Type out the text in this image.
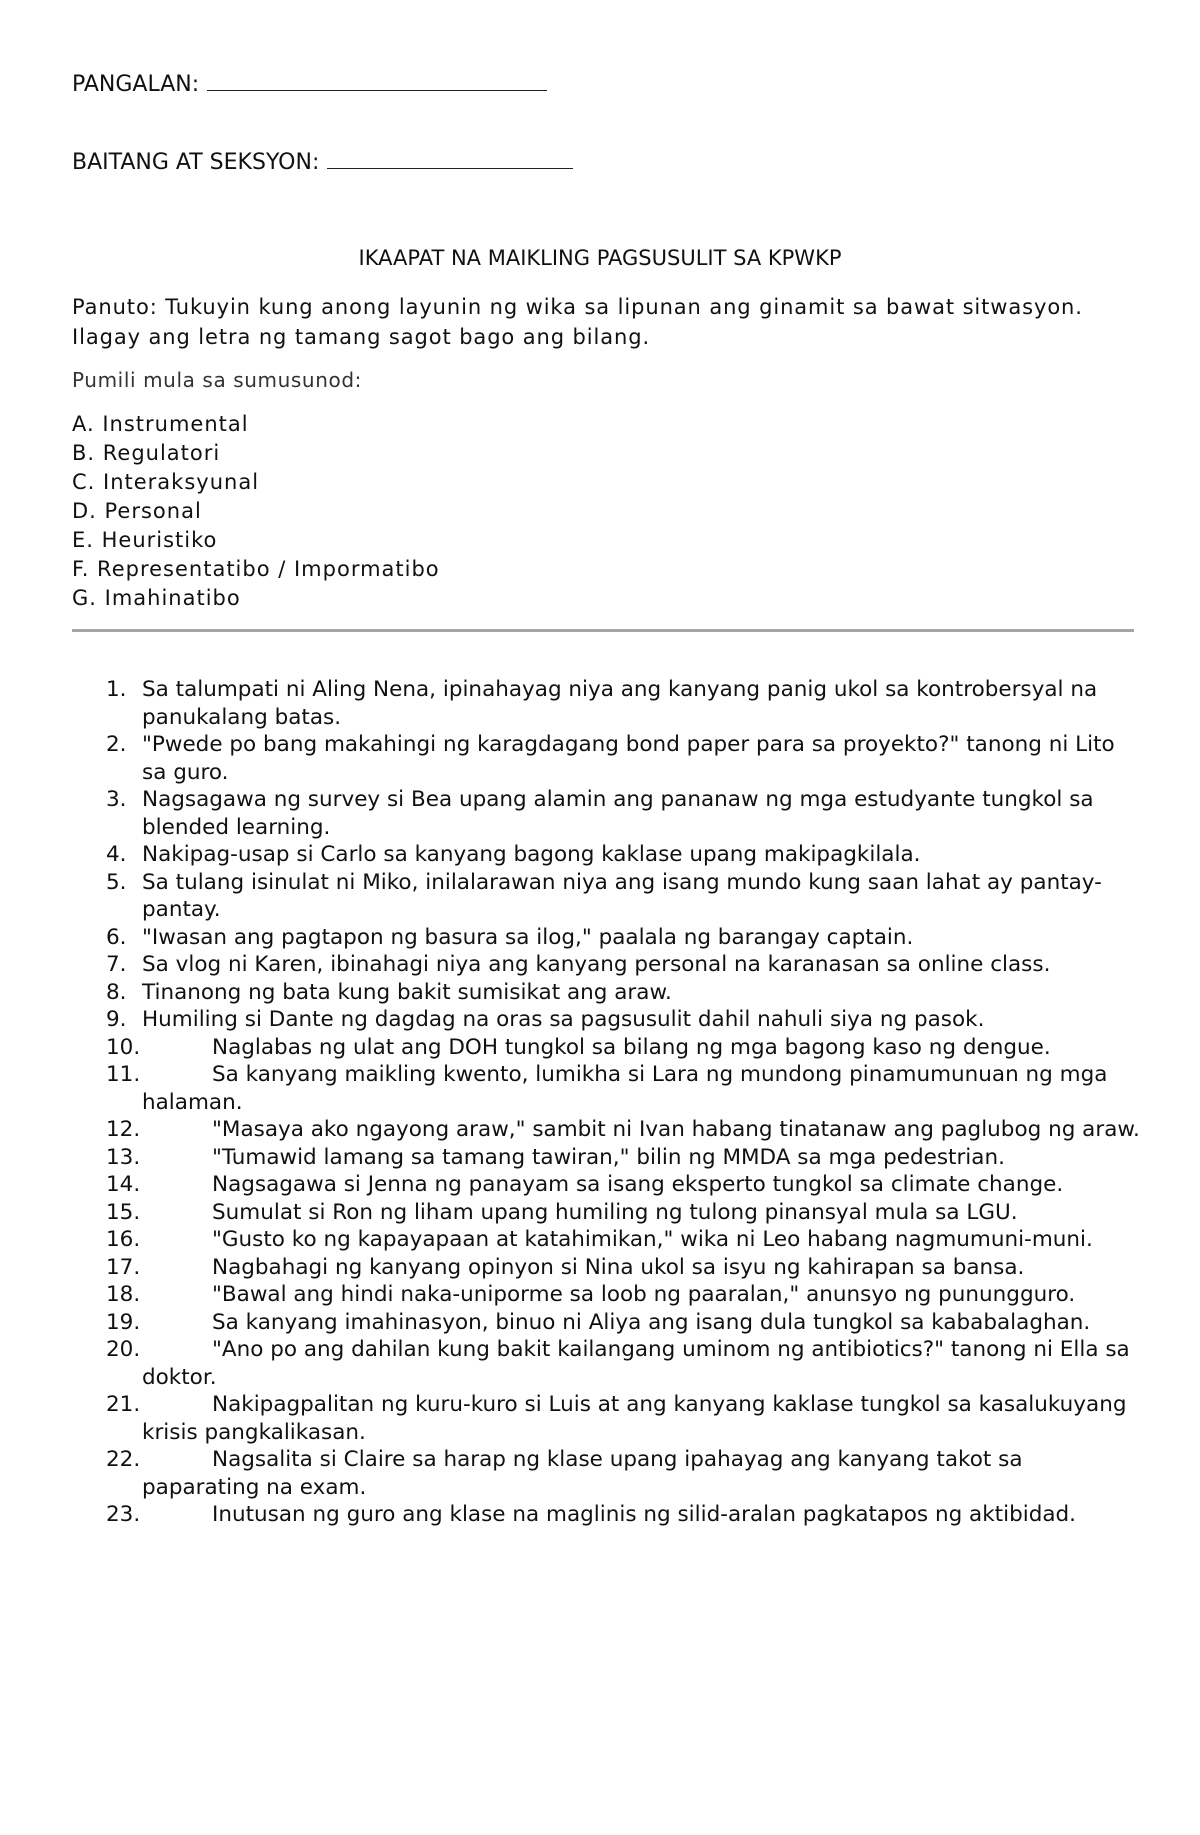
PANGALAN:
BAITANG AT SEKSYON:
IKAAPAT NA MAIKLING PAGSUSULIT SA KPWKP
Panuto: Tukuyin kung anong layunin ng wika sa lipunan ang ginamit sa bawat sitwasyon. Ilagay ang letra ng tamang sagot bago ang bilang.
Pumili mula sa sumusunod:
A. Instrumental
B. Regulatori
C. Interaksyunal
D. Personal
E. Heuristiko
F. Representatibo / Impormatibo
G. Imahinatibo
1. Sa talumpati ni Aling Nena, ipinahayag niya ang kanyang panig ukol sa kontrobersyal na panukalang batas.
2. "Pwede po bang makahingi ng karagdagang bond paper para sa proyekto?" tanong ni Lito sa guro.
3. Nagsagawa ng survey si Bea upang alamin ang pananaw ng mga estudyante tungkol sa blended learning.
4. Nakipag-usap si Carlo sa kanyang bagong kaklase upang makipagkilala.
5. Sa tulang isinulat ni Miko, inilalarawan niya ang isang mundo kung saan lahat ay pantay-pantay.
6. "Iwasan ang pagtapon ng basura sa ilog," paalala ng barangay captain.
7. Sa vlog ni Karen, ibinahagi niya ang kanyang personal na karanasan sa online class.
8. Tinanong ng bata kung bakit sumisikat ang araw.
9. Humiling si Dante ng dagdag na oras sa pagsusulit dahil nahuli siya ng pasok.
10.	Naglabas ng ulat ang DOH tungkol sa bilang ng mga bagong kaso ng dengue.
11.	Sa kanyang maikling kwento, lumikha si Lara ng mundong pinamumunuan ng mga halaman.
12.	"Masaya ako ngayong araw," sambit ni Ivan habang tinatanaw ang paglubog ng araw.
13.	"Tumawid lamang sa tamang tawiran," bilin ng MMDA sa mga pedestrian.
14.	Nagsagawa si Jenna ng panayam sa isang eksperto tungkol sa climate change.
15.	Sumulat si Ron ng liham upang humiling ng tulong pinansyal mula sa LGU.
16.	"Gusto ko ng kapayapaan at katahimikan," wika ni Leo habang nagmumuni-muni.
17.	Nagbahagi ng kanyang opinyon si Nina ukol sa isyu ng kahirapan sa bansa.
18.	"Bawal ang hindi naka-uniporme sa loob ng paaralan," anunsyo ng punungguro.
19.	Sa kanyang imahinasyon, binuo ni Aliya ang isang dula tungkol sa kababalaghan.
20.	"Ano po ang dahilan kung bakit kailangang uminom ng antibiotics?" tanong ni Ella sa doktor.
21.	Nakipagpalitan ng kuru-kuro si Luis at ang kanyang kaklase tungkol sa kasalukuyang krisis pangkalikasan.
22.	Nagsalita si Claire sa harap ng klase upang ipahayag ang kanyang takot sa paparating na exam.
23.	Inutusan ng guro ang klase na maglinis ng silid-aralan pagkatapos ng aktibidad.
